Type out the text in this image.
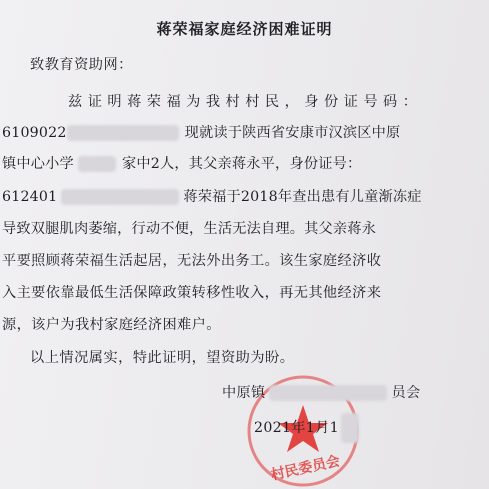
蒋荣福家庭经济困难证明
致教育资助网：
兹证明蒋荣福为我村村民，身份证号码：
6109022	现就读于陕西省安康市汉滨区中原
镇中心小学	家中2人，其父亲蒋永平，身份证号：
612401	蒋荣福于2018年查出患有儿童渐冻症
导致双腿肌肉萎缩，行动不便，生活无法自理。其父亲蒋永
平要照顾蒋荣福生活起居，无法外出务工。该生家庭经济收
入主要依靠最低生活保障政策转移性收入，再无其他经济来
源，该户为我村家庭经济困难户。
以上情况属实，特此证明，望资助为盼。
村民委员会
中原镇	员会
2021年1月1
